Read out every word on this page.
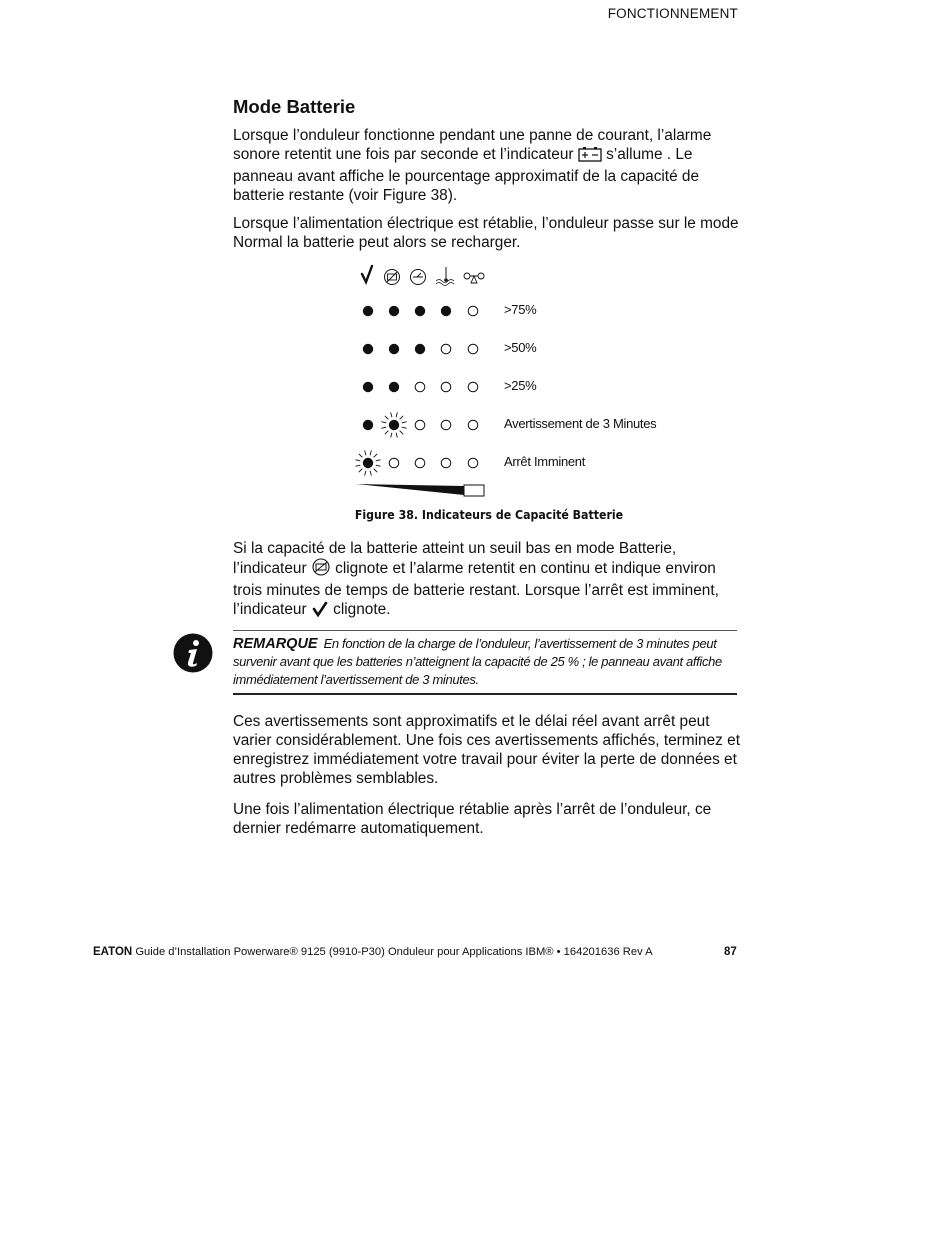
FONCTIONNEMENT
Mode Batterie

Lorsque l’onduleur fonctionne pendant une panne de courant, l’alarme sonore retentit une fois par seconde et l’indicateur s’allume . Le panneau avant affiche le pourcentage approximatif de la capacité de batterie restante (voir Figure 38).

Lorsque l’alimentation électrique est rétablie, l’onduleur passe sur le mode Normal la batterie peut alors se recharger.

>75%
>50%
>25%
Avertissement de 3 Minutes
Arrêt Imminent
Figure 38. Indicateurs de Capacité Batterie

Si la capacité de la batterie atteint un seuil bas en mode Batterie, l’indicateur clignote et l’alarme retentit en continu et indique environ trois minutes de temps de batterie restant. Lorsque l’arrêt est imminent, l’indicateur clignote.

REMARQUE En fonction de la charge de l’onduleur, l’avertissement de 3 minutes peut survenir avant que les batteries n’atteignent la capacité de 25 % ; le panneau avant affiche immédiatement l’avertissement de 3 minutes.

Ces avertissements sont approximatifs et le délai réel avant arrêt peut varier considérablement. Une fois ces avertissements affichés, terminez et enregistrez immédiatement votre travail pour éviter la perte de données et autres problèmes semblables.

Une fois l’alimentation électrique rétablie après l’arrêt de l’onduleur, ce dernier redémarre automatiquement.

EATON Guide d’Installation Powerware® 9125 (9910-P30) Onduleur pour Applications IBM® • 164201636 Rev A	87
